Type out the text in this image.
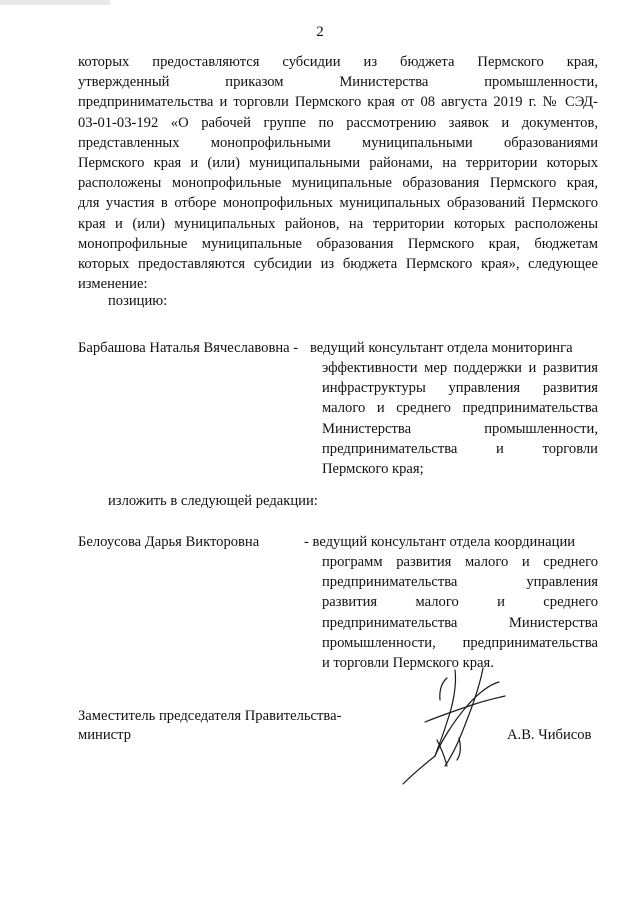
2
которых предоставляются субсидии из бюджета Пермского края,
утвержденный приказом Министерства промышленности,
предпринимательства и торговли Пермского края от 08 августа 2019 г. № СЭД-
03-01-03-192 «О рабочей группе по рассмотрению заявок и документов,
представленных монопрофильными муниципальными образованиями
Пермского края и (или) муниципальными районами, на территории которых
расположены монопрофильные муниципальные образования Пермского края,
для участия в отборе монопрофильных муниципальных образований Пермского
края и (или) муниципальных районов, на территории которых расположены
монопрофильные муниципальные образования Пермского края, бюджетам
которых предоставляются субсидии из бюджета Пермского края», следующее
изменение:
позицию:
Барбашова Наталья Вячеславовна - ведущий консультант отдела мониторинга
эффективности мер поддержки и развития
инфраструктуры управления развития
малого и среднего предпринимательства
Министерства промышленности,
предпринимательства и торговли
Пермского края;
изложить в следующей редакции:
Белоусова Дарья Викторовна	- ведущий консультант отдела координации
программ развития малого и среднего
предпринимательства управления
развития малого и среднего
предпринимательства Министерства
промышленности, предпринимательства
и торговли Пермского края.
Заместитель председателя Правительства-
министр	А.В. Чибисов
